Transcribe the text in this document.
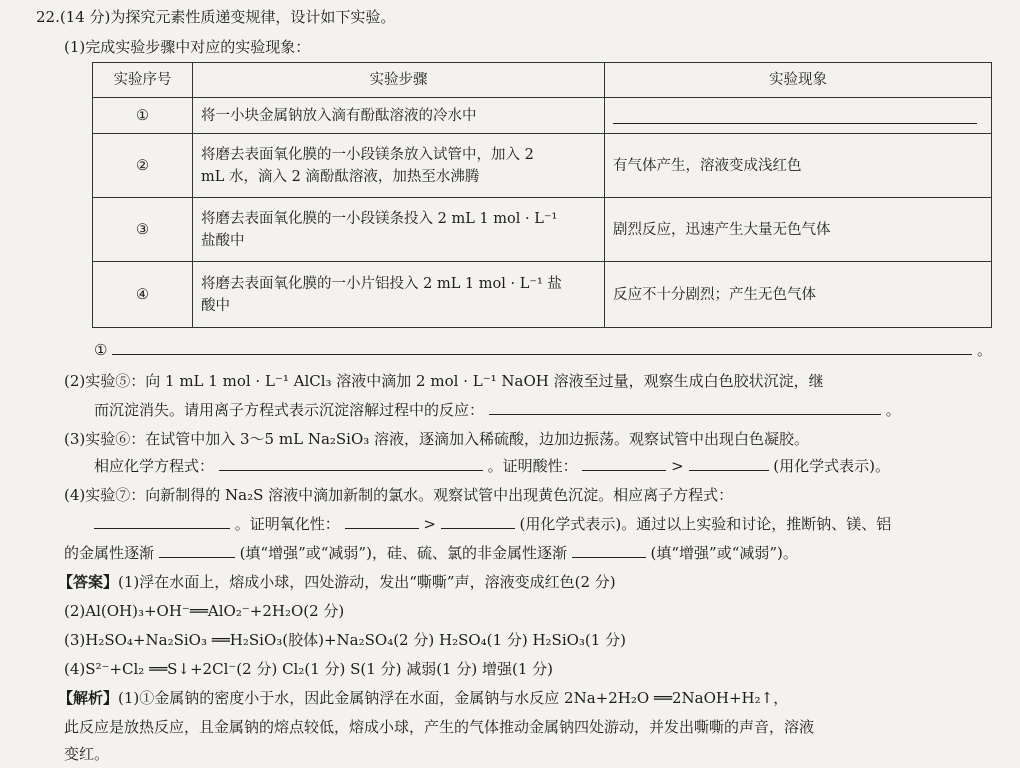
22.(14 分)为探究元素性质递变规律，设计如下实验。
(1)完成实验步骤中对应的实验现象：
实验序号	实验步骤	实验现象
①	将一小块金属钠放入滴有酚酞溶液的冷水中	

②	将磨去表面氧化膜的一小段镁条放入试管中，加入 2
mL 水，滴入 2 滴酚酞溶液，加热至水沸腾	有气体产生，溶液变成浅红色
③	将磨去表面氧化膜的一小段镁条投入 2 mL 1 mol · L⁻¹
盐酸中	剧烈反应，迅速产生大量无色气体
④	将磨去表面氧化膜的一小片铝投入 2 mL 1 mol · L⁻¹ 盐
酸中	反应不十分剧烈；产生无色气体
①	。
(2)实验⑤：向 1 mL 1 mol · L⁻¹ AlCl₃ 溶液中滴加 2 mol · L⁻¹ NaOH 溶液至过量，观察生成白色胶状沉淀，继
而沉淀消失。请用离子方程式表示沉淀溶解过程中的反应：	。
(3)实验⑥：在试管中加入 3～5 mL Na₂SiO₃ 溶液，逐滴加入稀硫酸，边加边振荡。观察试管中出现白色凝胶。
相应化学方程式：	。证明酸性：	>	(用化学式表示)。
(4)实验⑦：向新制得的 Na₂S 溶液中滴加新制的氯水。观察试管中出现黄色沉淀。相应离子方程式：
。证明氧化性：	>	(用化学式表示)。通过以上实验和讨论，推断钠、镁、铝
的金属性逐渐	(填“增强”或“减弱”)，硅、硫、氯的非金属性逐渐	(填“增强”或“减弱”)。
【答案】(1)浮在水面上，熔成小球，四处游动，发出“嘶嘶”声，溶液变成红色(2 分)
(2)Al(OH)₃+OH⁻══AlO₂⁻+2H₂O(2 分)
(3)H₂SO₄+Na₂SiO₃ ══H₂SiO₃(胶体)+Na₂SO₄(2 分) H₂SO₄(1 分) H₂SiO₃(1 分)
(4)S²⁻+Cl₂ ══S↓+2Cl⁻(2 分) Cl₂(1 分) S(1 分) 减弱(1 分) 增强(1 分)
【解析】(1)①金属钠的密度小于水，因此金属钠浮在水面，金属钠与水反应 2Na+2H₂O ══2NaOH+H₂↑，
此反应是放热反应，且金属钠的熔点较低，熔成小球，产生的气体推动金属钠四处游动，并发出嘶嘶的声音，溶液
变红。
